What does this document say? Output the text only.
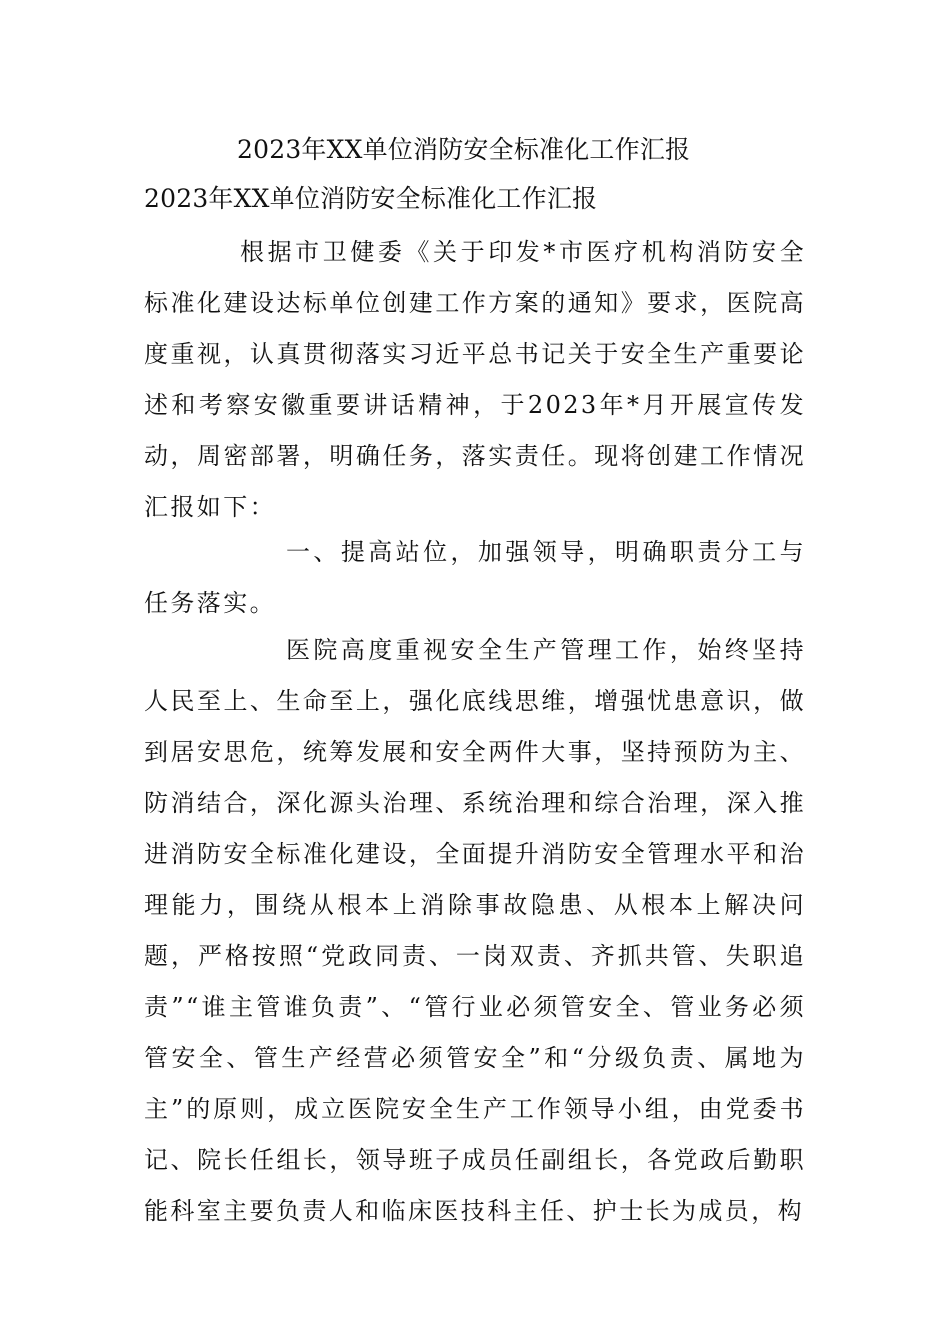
2023年XX单位消防安全标准化工作汇报
2023年XX单位消防安全标准化工作汇报

根据市卫健委《关于印发*市医疗机构消防安全标准化建设达标单位创建工作方案的通知》要求，医院高度重视，认真贯彻落实习近平总书记关于安全生产重要论述和考察安徽重要讲话精神，于2023年*月开展宣传发动，周密部署，明确任务，落实责任。现将创建工作情况汇报如下：

一、提高站位，加强领导，明确职责分工与任务落实。

医院高度重视安全生产管理工作，始终坚持人民至上、生命至上，强化底线思维，增强忧患意识，做到居安思危，统筹发展和安全两件大事，坚持预防为主、防消结合，深化源头治理、系统治理和综合治理，深入推进消防安全标准化建设，全面提升消防安全管理水平和治理能力，围绕从根本上消除事故隐患、从根本上解决问题，严格按照“党政同责、一岗双责、齐抓共管、失职追责”“谁主管谁负责”、“管行业必须管安全、管业务必须管安全、管生产经营必须管安全”和“分级负责、属地为主”的原则，成立医院安全生产工作领导小组，由党委书记、院长任组长，领导班子成员任副组长，各党政后勤职能科室主要负责人和临床医技科主任、护士长为成员，构
